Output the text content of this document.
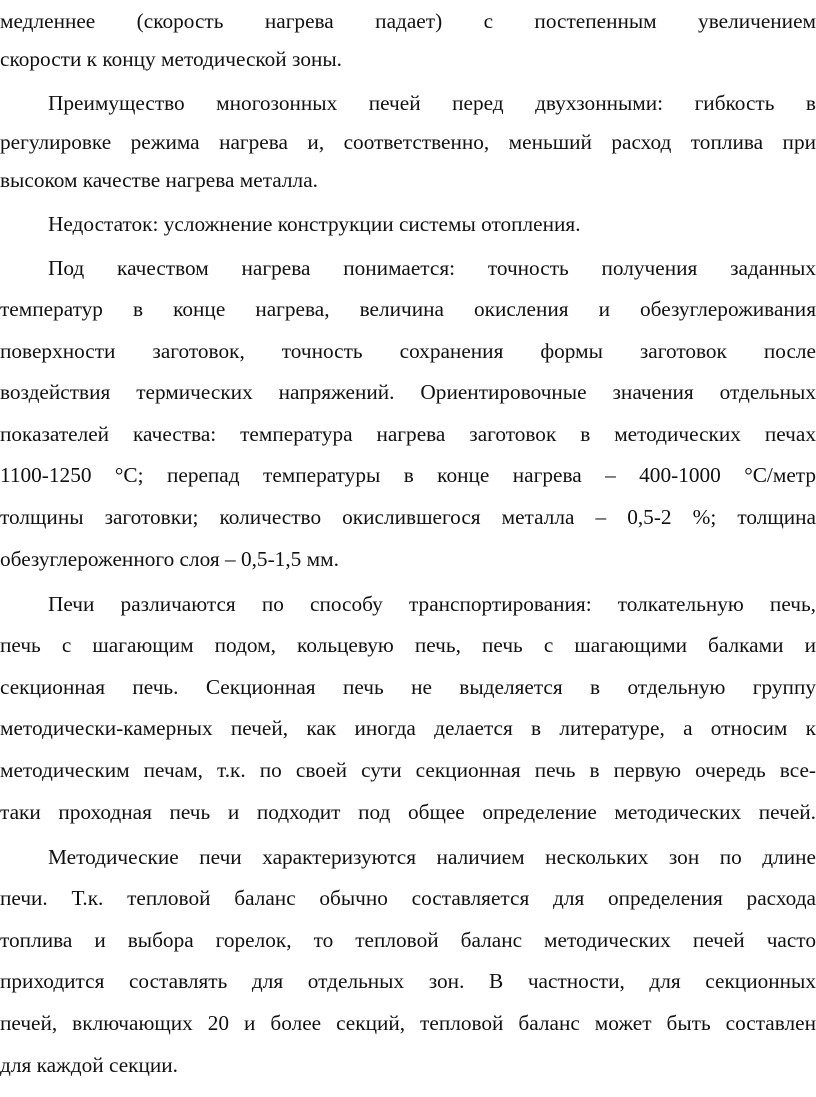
медленнее (скорость нагрева падает) с постепенным увеличением

скорости к концу методической зоны.

Преимущество многозонных печей перед двухзонными: гибкость в

регулировке режима нагрева и, соответственно, меньший расход топлива при

высоком качестве нагрева металла.

Недостаток: усложнение конструкции системы отопления.

Под качеством нагрева понимается: точность получения заданных

температур в конце нагрева, величина окисления и обезуглероживания

поверхности заготовок, точность сохранения формы заготовок после

воздействия термических напряжений. Ориентировочные значения отдельных

показателей качества: температура нагрева заготовок в методических печах

1100-1250 °С; перепад температуры в конце нагрева – 400-1000 °С/метр

толщины заготовки; количество окислившегося металла – 0,5-2 %; толщина

обезуглероженного слоя – 0,5-1,5 мм.

Печи различаются по способу транспортирования: толкательную печь,

печь с шагающим подом, кольцевую печь, печь с шагающими балками и

секционная печь. Секционная печь не выделяется в отдельную группу

методически-камерных печей, как иногда делается в литературе, а относим к

методическим печам, т.к. по своей сути секционная печь в первую очередь все-

таки проходная печь и подходит под общее определение методических печей.

Методические печи характеризуются наличием нескольких зон по длине

печи. Т.к. тепловой баланс обычно составляется для определения расхода

топлива и выбора горелок, то тепловой баланс методических печей часто

приходится составлять для отдельных зон. В частности, для секционных

печей, включающих 20 и более секций, тепловой баланс может быть составлен

для каждой секции.
